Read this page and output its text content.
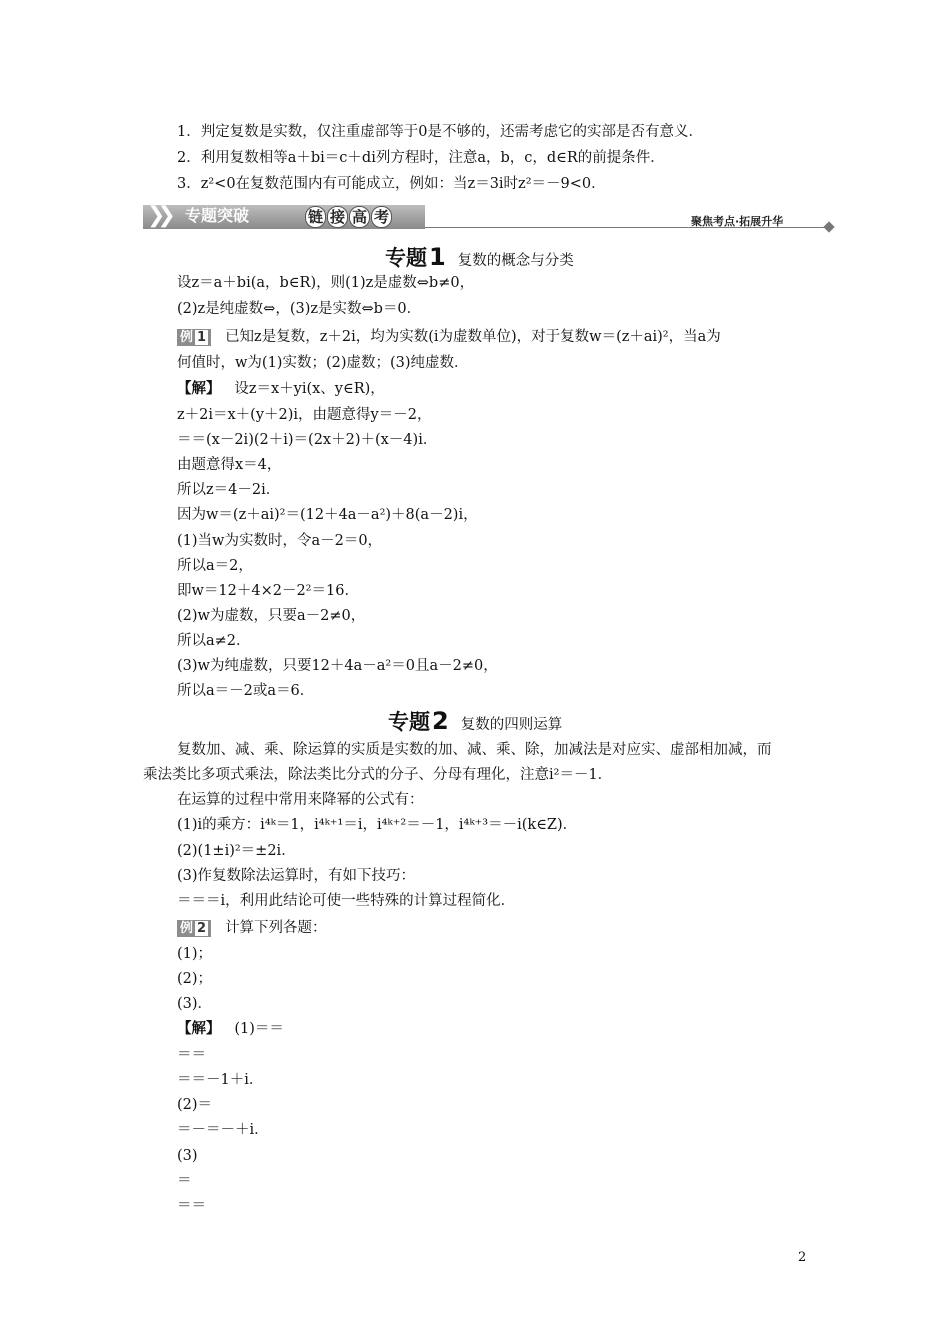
1．判定复数是实数，仅注重虚部等于0是不够的，还需考虑它的实部是否有意义．
2．利用复数相等a＋bi＝c＋di列方程时，注意a，b，c，d∈R的前提条件．
3．z²<0在复数范围内有可能成立，例如：当z＝3i时z²＝－9<0．
❯❯ 专题突破	链 接 高 考	聚焦考点·拓展升华
专题1 复数的概念与分类
设z＝a＋bi(a，b∈R)，则(1)z是虚数⇔b≠0，
(2)z是纯虚数⇔，(3)z是实数⇔b＝0．
例 1 已知z是复数，z＋2i，均为实数(i为虚数单位)，对于复数w＝(z＋ai)²，当a为
何值时，w为(1)实数；(2)虚数；(3)纯虚数．
【解】 设z＝x＋yi(x、y∈R)，
z＋2i＝x＋(y＋2)i，由题意得y＝－2，
＝＝(x－2i)(2＋i)＝(2x＋2)＋(x－4)i．
由题意得x＝4，
所以z＝4－2i．
因为w＝(z＋ai)²＝(12＋4a－a²)＋8(a－2)i，
(1)当w为实数时，令a－2＝0，
所以a＝2，
即w＝12＋4×2－2²＝16．
(2)w为虚数，只要a－2≠0，
所以a≠2．
(3)w为纯虚数，只要12＋4a－a²＝0且a－2≠0，
所以a＝－2或a＝6．
专题2 复数的四则运算
复数加、减、乘、除运算的实质是实数的加、减、乘、除，加减法是对应实、虚部相加减，而
乘法类比多项式乘法，除法类比分式的分子、分母有理化，注意i²＝－1．
在运算的过程中常用来降幂的公式有：
(1)i的乘方：i⁴ᵏ＝1，i⁴ᵏ⁺¹＝i，i⁴ᵏ⁺²＝－1，i⁴ᵏ⁺³＝－i(k∈Z)．
(2)(1±i)²＝±2i．
(3)作复数除法运算时，有如下技巧：
＝＝＝i，利用此结论可使一些特殊的计算过程简化．
例 2 计算下列各题：
(1)；
(2)；
(3)．
【解】 (1)＝＝
＝＝
＝＝－1＋i．
(2)＝
＝－＝－＋i．
(3)
＝
＝＝
2
